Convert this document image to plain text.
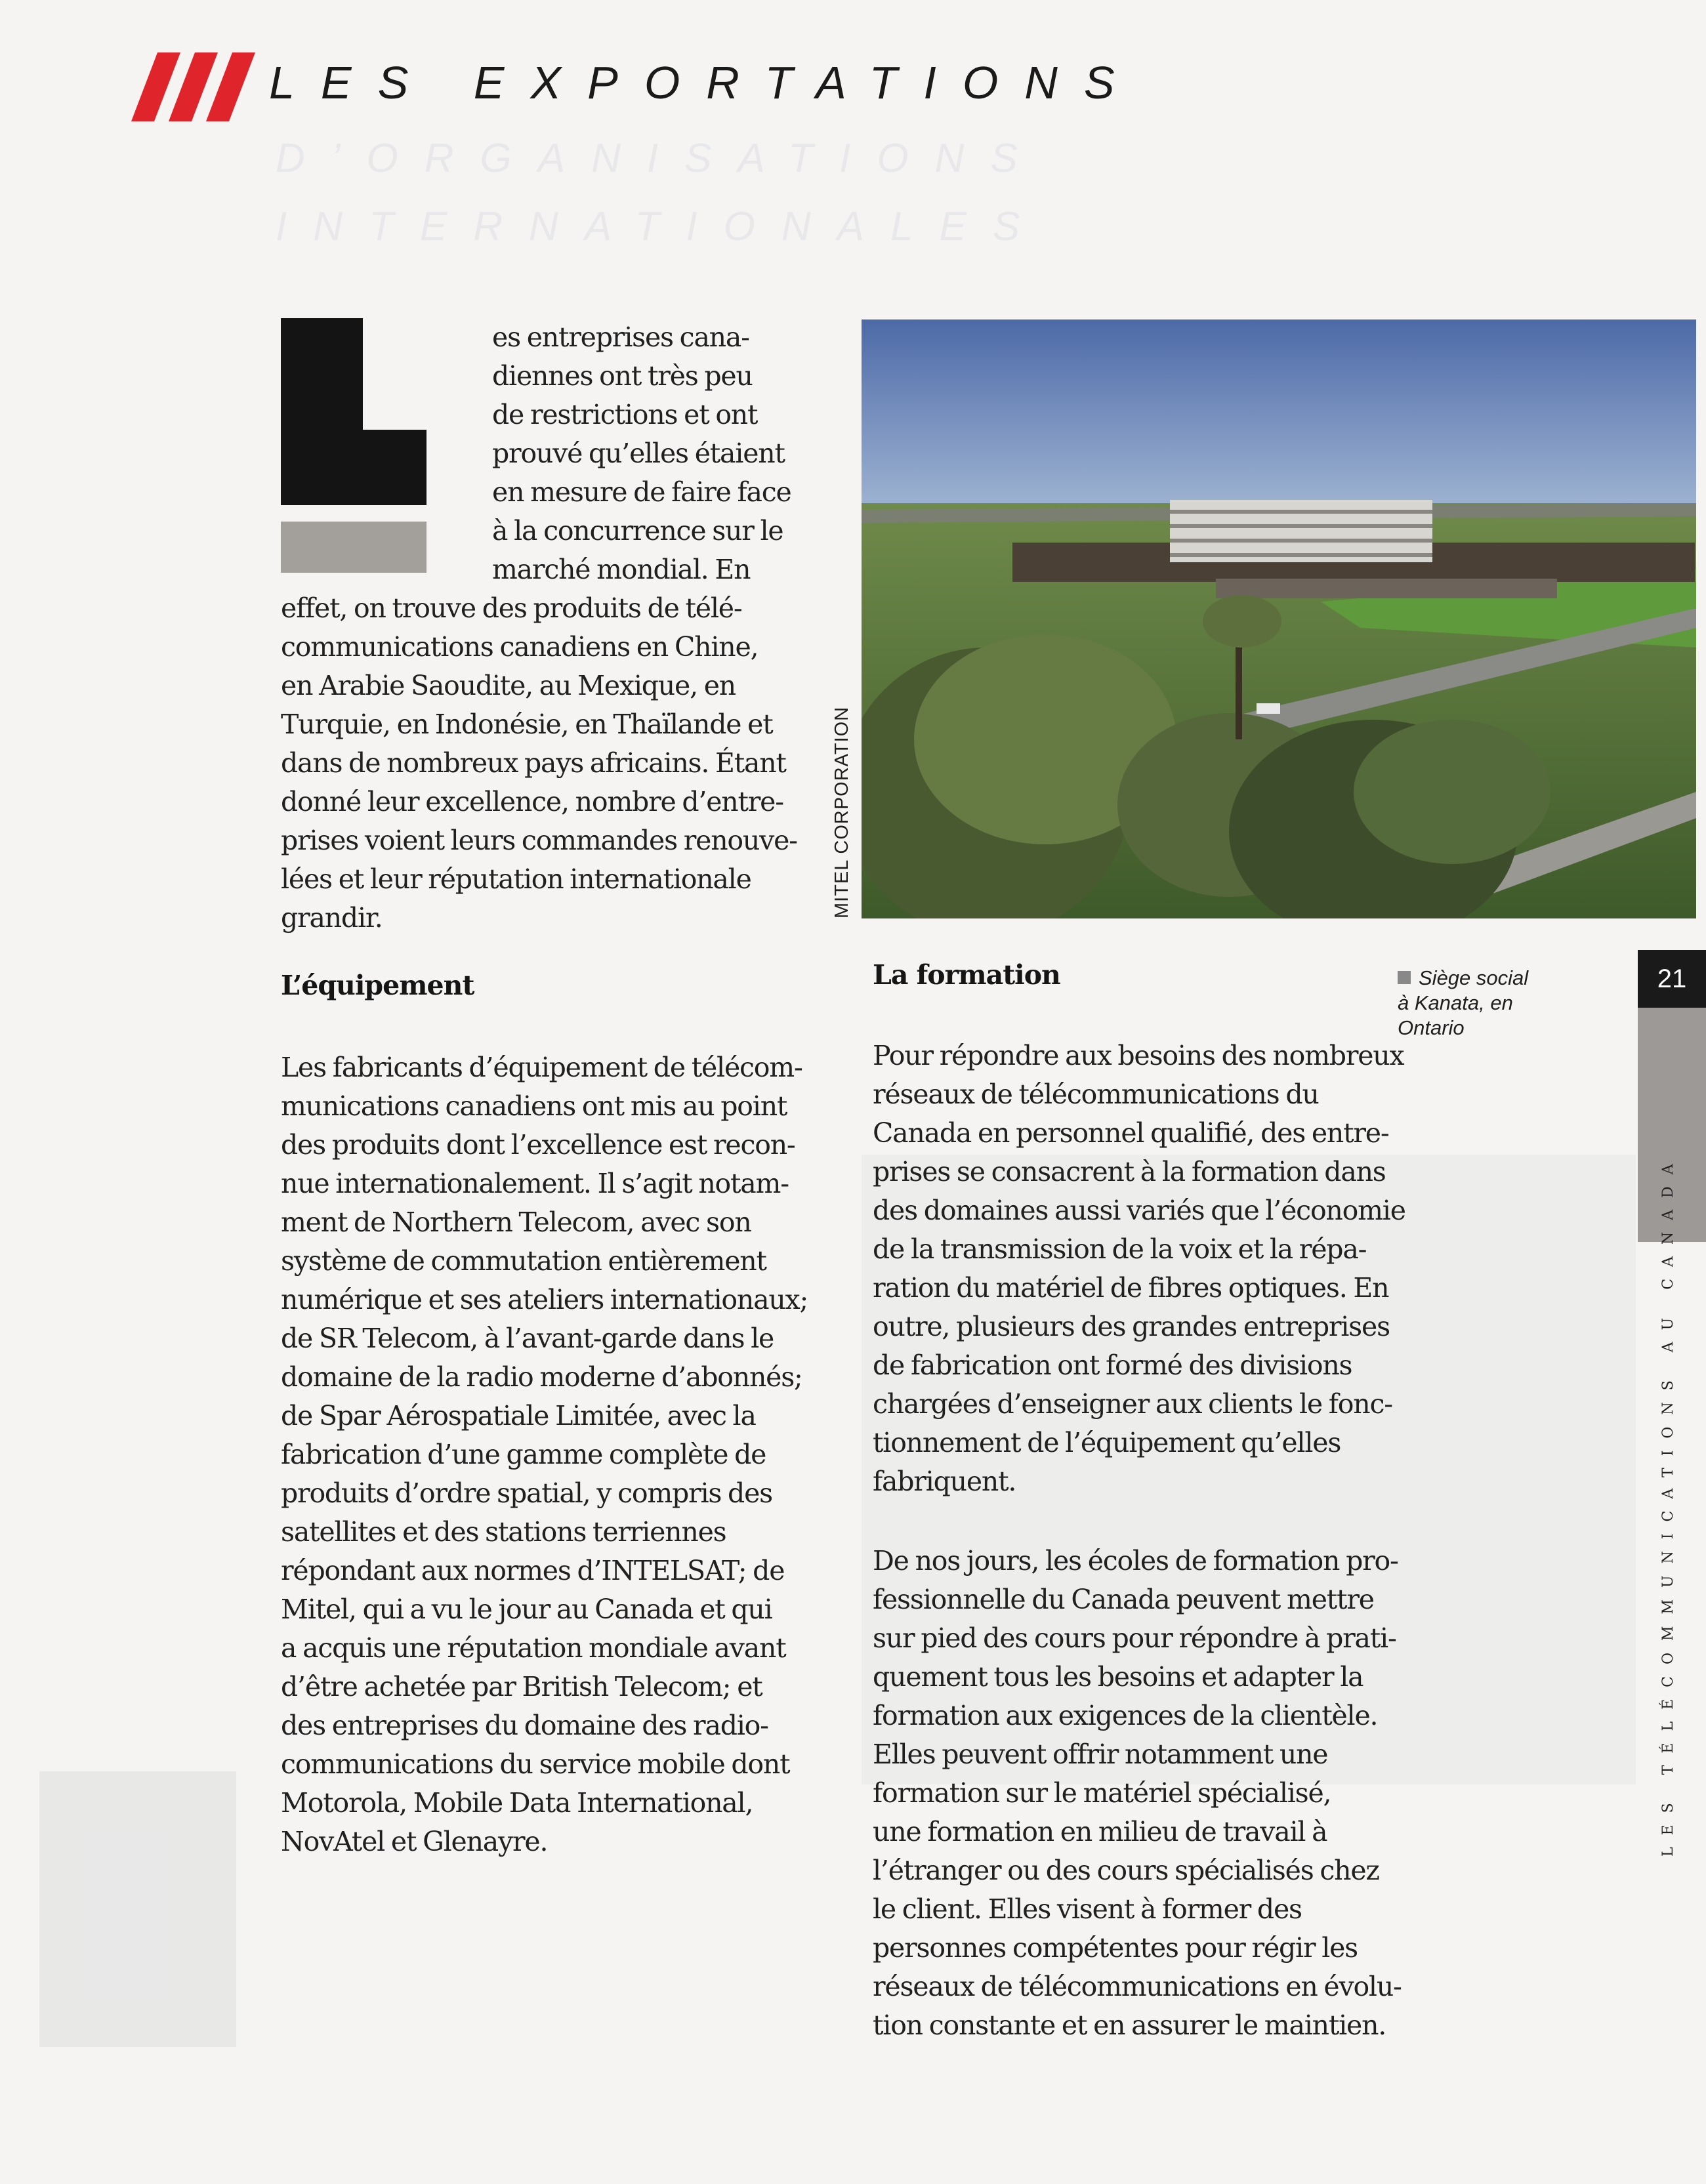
D’ORGANISATIONS
INTERNATIONALES
LES EXPORTATIONS
es entreprises cana-
diennes ont très peu
de restrictions et ont
prouvé qu’elles étaient
en mesure de faire face
à la concurrence sur le
marché mondial. En
effet, on trouve des produits de télé-
communications canadiens en Chine,
en Arabie Saoudite, au Mexique, en
Turquie, en Indonésie, en Thaïlande et
dans de nombreux pays africains. Étant
donné leur excellence, nombre d’entre-
prises voient leurs commandes renouve-
lées et leur réputation internationale
grandir.
L’équipement
Les fabricants d’équipement de télécom-
munications canadiens ont mis au point
des produits dont l’excellence est recon-
nue internationalement. Il s’agit notam-
ment de Northern Telecom, avec son
système de commutation entièrement
numérique et ses ateliers internationaux;
de SR Telecom, à l’avant-garde dans le
domaine de la radio moderne d’abonnés;
de Spar Aérospatiale Limitée, avec la
fabrication d’une gamme complète de
produits d’ordre spatial, y compris des
satellites et des stations terriennes
répondant aux normes d’INTELSAT; de
Mitel, qui a vu le jour au Canada et qui
a acquis une réputation mondiale avant
d’être achetée par British Telecom; et
des entreprises du domaine des radio-
communications du service mobile dont
Motorola, Mobile Data International,
NovAtel et Glenayre.
MITEL CORPORATION
La formation
Pour répondre aux besoins des nombreux
réseaux de télécommunications du
Canada en personnel qualifié, des entre-
prises se consacrent à la formation dans
des domaines aussi variés que l’économie
de la transmission de la voix et la répa-
ration du matériel de fibres optiques. En
outre, plusieurs des grandes entreprises
de fabrication ont formé des divisions
chargées d’enseigner aux clients le fonc-
tionnement de l’équipement qu’elles
fabriquent.
De nos jours, les écoles de formation pro-
fessionnelle du Canada peuvent mettre
sur pied des cours pour répondre à prati-
quement tous les besoins et adapter la
formation aux exigences de la clientèle.
Elles peuvent offrir notamment une
formation sur le matériel spécialisé,
une formation en milieu de travail à
l’étranger ou des cours spécialisés chez
le client. Elles visent à former des
personnes compétentes pour régir les
réseaux de télécommunications en évolu-
tion constante et en assurer le maintien.
Siège social
à Kanata, en
Ontario
21
LES TÉLÉCOMMUNICATIONS AU CANADA
